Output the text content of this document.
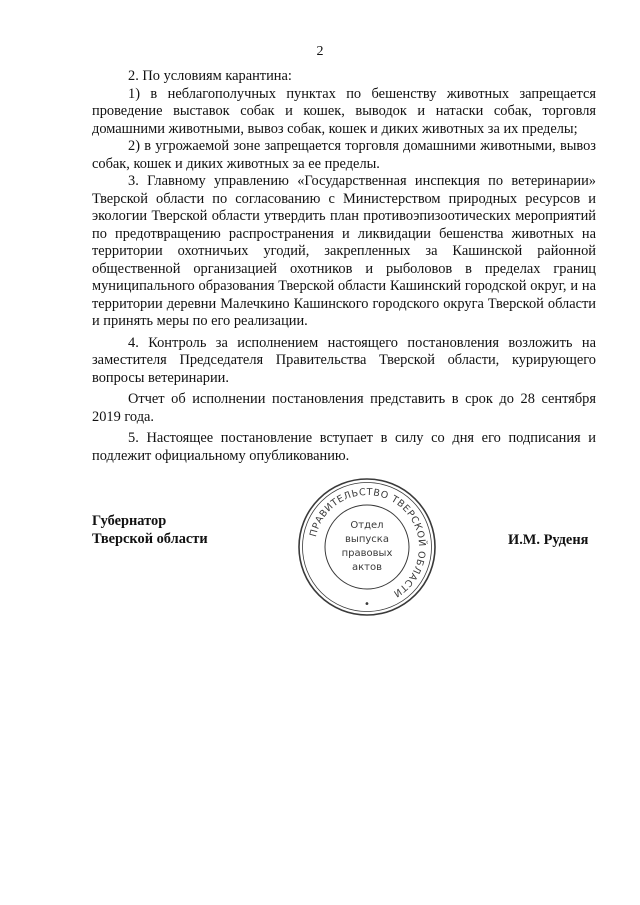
2

2. По условиям карантина:

1) в неблагополучных пунктах по бешенству животных запрещается проведение выставок собак и кошек, выводок и натаски собак, торговля домашними животными, вывоз собак, кошек и диких животных за их пределы;

2) в угрожаемой зоне запрещается торговля домашними животными, вывоз собак, кошек и диких животных за ее пределы.

3. Главному управлению «Государственная инспекция по ветеринарии» Тверской области по согласованию с Министерством природных ресурсов и экологии Тверской области утвердить план противоэпизоотических мероприятий по предотвращению распространения и ликвидации бешенства животных на территории охотничьих угодий, закрепленных за Кашинской районной общественной организацией охотников и рыболовов в пределах границ муниципального образования Тверской области Кашинский городской округ, и на территории деревни Малечкино Кашинского городского округа Тверской области и принять меры по его реализации.

4. Контроль за исполнением настоящего постановления возложить на заместителя Председателя Правительства Тверской области, курирующего вопросы ветеринарии.

Отчет об исполнении постановления представить в срок до 28 сентября 2019 года.

5. Настоящее постановление вступает в силу со дня его подписания и подлежит официальному опубликованию.

Губернатор
Тверской области	ПРАВИТЕЛЬСТВО ТВЕРСКОЙ ОБЛАСТИ
Отдел
выпуска
правовых
актов
•
И.М. Руденя
